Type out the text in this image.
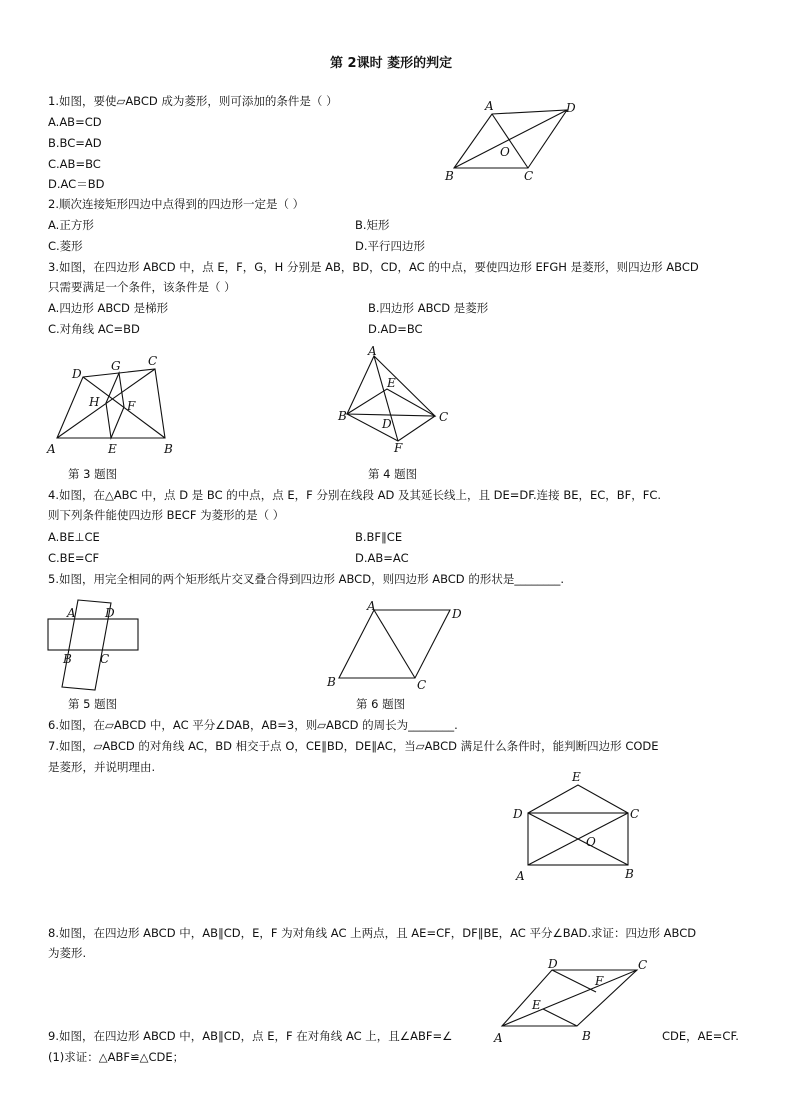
第 2课时 菱形的判定
1.如图，要使▱ABCD 成为菱形，则可添加的条件是（ ）
A.AB=CD
B.BC=AD
C.AB=BC
D.AC＝BD
A	D
O
B	C
2.顺次连接矩形四边中点得到的四边形一定是（ ）
A.正方形	B.矩形
C.菱形	D.平行四边形
3.如图，在四边形 ABCD 中，点 E，F，G，H 分别是 AB，BD，CD，AC 的中点，要使四边形 EFGH 是菱形，则四边形 ABCD
只需要满足一个条件，该条件是（ ）
A.四边形 ABCD 是梯形	B.四边形 ABCD 是菱形
C.对角线 AC=BD	D.AD=BC
A	B
C
D
E
F
G
H
第 3 题图
A
B	C
D
E
F
第 4 题图
4.如图，在△ABC 中，点 D 是 BC 的中点，点 E，F 分别在线段 AD 及其延长线上，且 DE=DF.连接 BE，EC，BF，FC.
则下列条件能使四边形 BECF 为菱形的是（ ）
A.BE⊥CE	B.BF∥CE
C.BE=CF	D.AB=AC
5.如图，用完全相同的两个矩形纸片交叉叠合得到四边形 ABCD，则四边形 ABCD 的形状是________.
A D
B C
第 5 题图
A
D
B	C
第 6 题图
6.如图，在▱ABCD 中，AC 平分∠DAB，AB=3，则▱ABCD 的周长为________.
7.如图，▱ABCD 的对角线 AC，BD 相交于点 O，CE∥BD，DE∥AC，当▱ABCD 满足什么条件时，能判断四边形 CODE
是菱形，并说明理由.
E
D	C
O
A	B
8.如图，在四边形 ABCD 中，AB∥CD，E，F 为对角线 AC 上两点，且 AE=CF，DF∥BE，AC 平分∠BAD.求证：四边形 ABCD
为菱形.
D	C
F
E
A	B
9.如图，在四边形 ABCD 中，AB∥CD，点 E，F 在对角线 AC 上，且∠ABF=∠	CDE，AE=CF.
(1)求证：△ABF≌△CDE；
